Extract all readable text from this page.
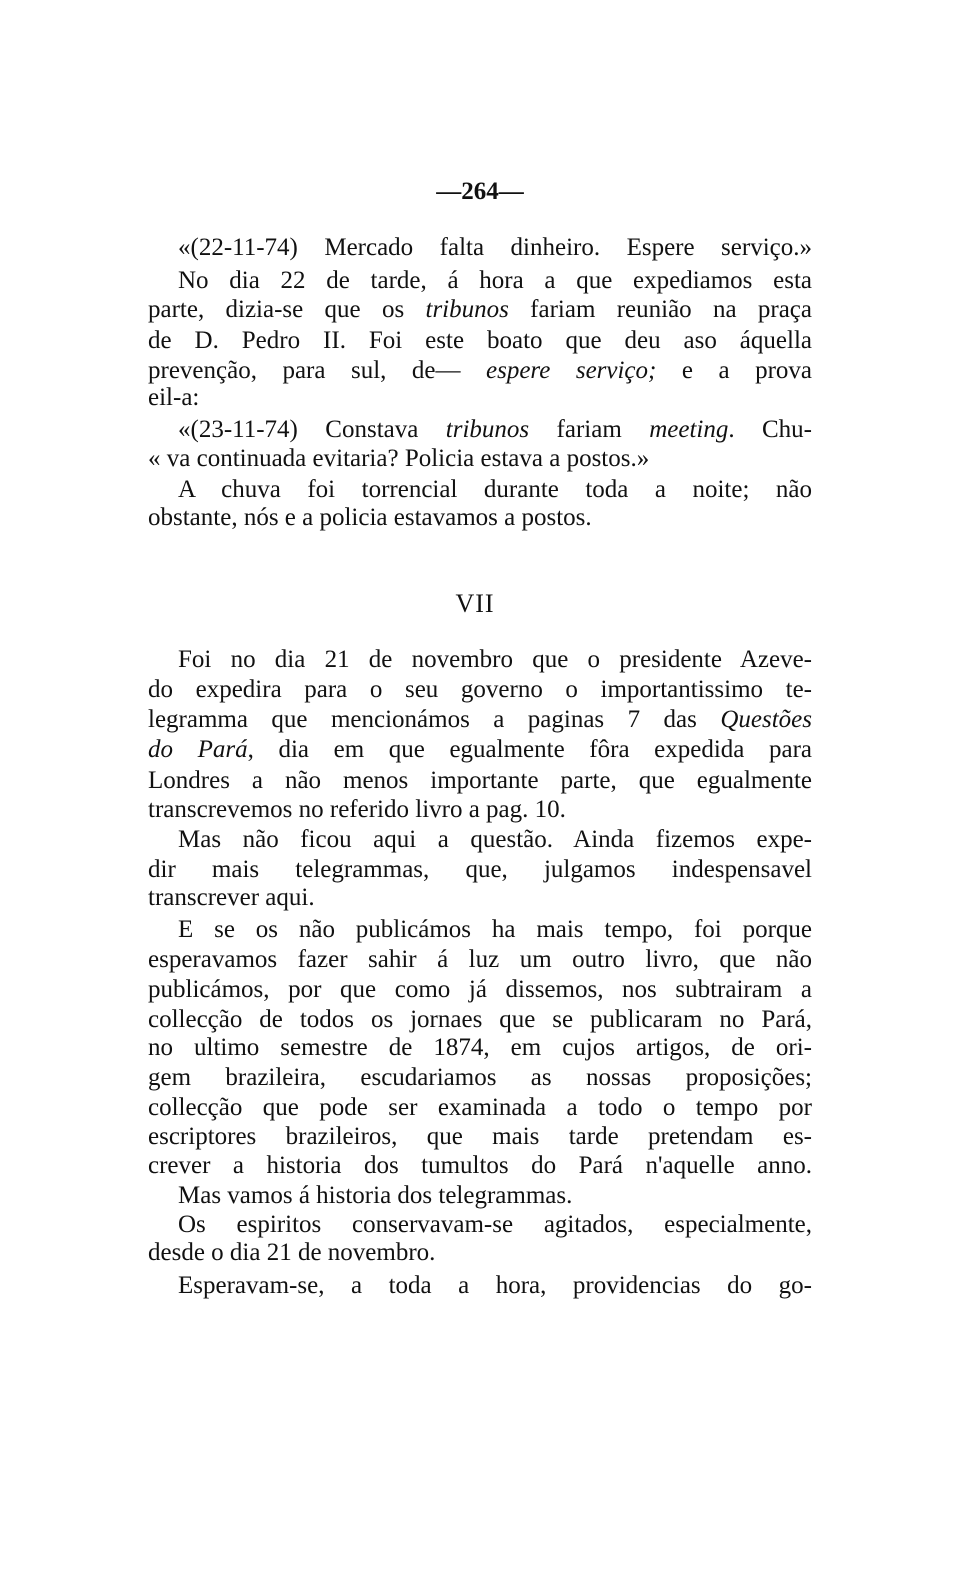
—264—
VII
«(22-11-74) Mercado falta dinheiro. Espere serviço.»
No dia 22 de tarde, á hora a que expediamos esta
parte, dizia-se que os tribunos fariam reunião na praça
de D. Pedro II. Foi este boato que deu aso áquella
prevenção, para sul, de— espere serviço; e a prova
eil-a:
«(23-11-74) Constava tribunos fariam meeting. Chu-
« va continuada evitaria? Policia estava a postos.»
A chuva foi torrencial durante toda a noite; não
obstante, nós e a policia estavamos a postos.
Foi no dia 21 de novembro que o presidente Azeve-
do expedira para o seu governo o importantissimo te-
legramma que mencionámos a paginas 7 das Questões
do Pará, dia em que egualmente fôra expedida para
Londres a não menos importante parte, que egualmente
transcrevemos no referido livro a pag. 10.
Mas não ficou aqui a questão. Ainda fizemos expe-
dir mais telegrammas, que, julgamos indespensavel
transcrever aqui.
E se os não publicámos ha mais tempo, foi porque
esperavamos fazer sahir á luz um outro livro, que não
publicámos, por que como já dissemos, nos subtrairam a
collecção de todos os jornaes que se publicaram no Pará,
no ultimo semestre de 1874, em cujos artigos, de ori-
gem brazileira, escudariamos as nossas proposições;
collecção que pode ser examinada a todo o tempo por
escriptores brazileiros, que mais tarde pretendam es-
crever a historia dos tumultos do Pará n'aquelle anno.
Mas vamos á historia dos telegrammas.
Os espiritos conservavam-se agitados, especialmente,
desde o dia 21 de novembro.
Esperavam-se, a toda a hora, providencias do go-
